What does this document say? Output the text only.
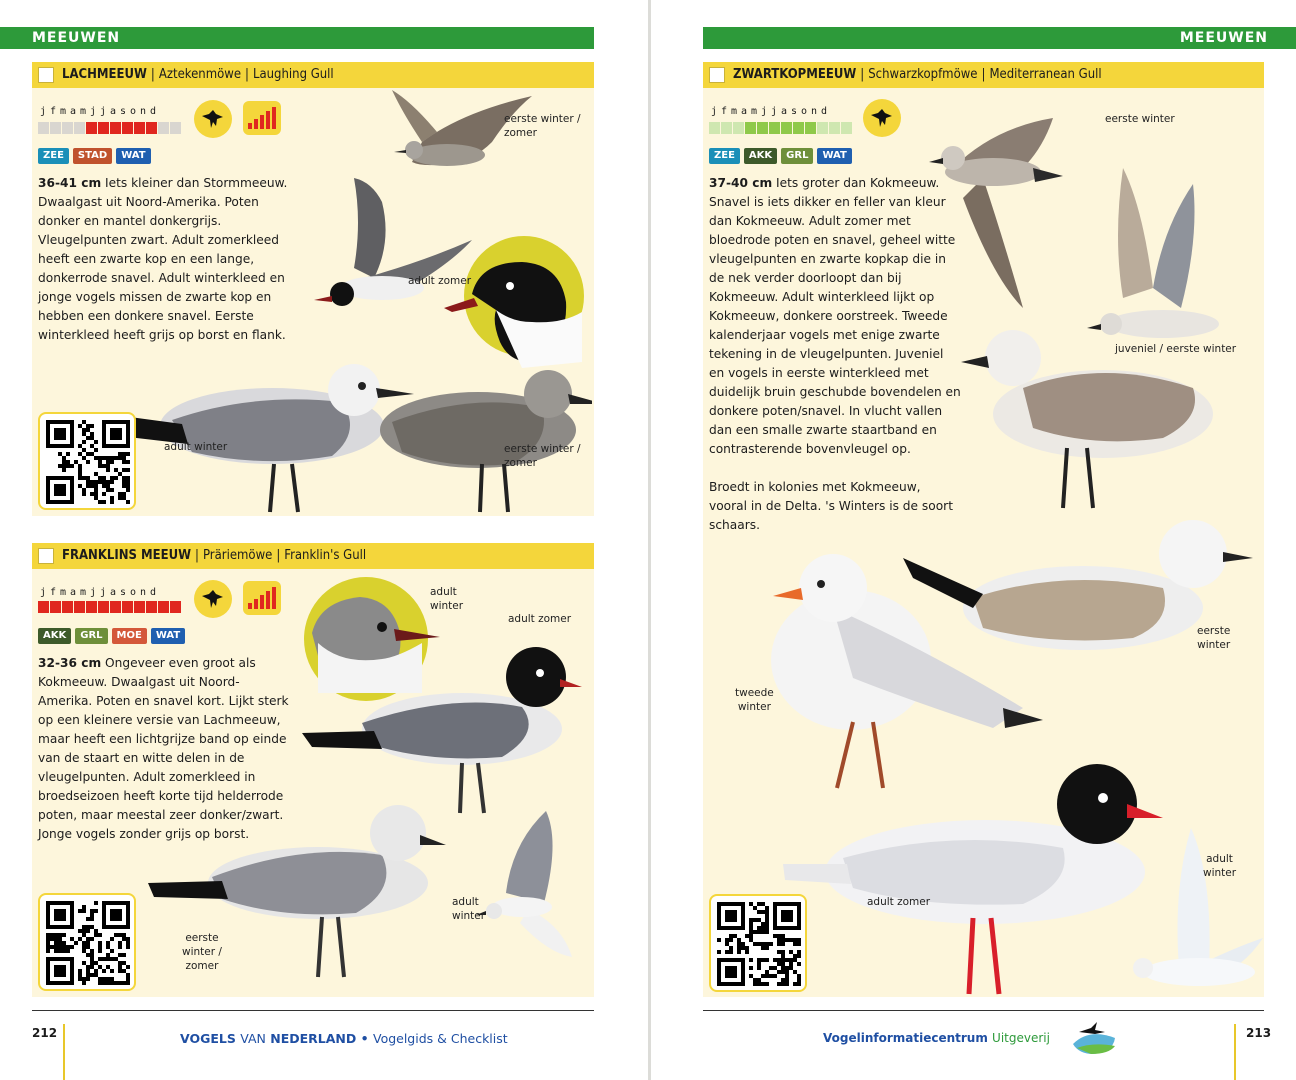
MEEUWEN
LACHMEEUW | Aztekenmöwe | Laughing Gull
j f m a m j j a s o n d
ZEE	STAD	WAT
36-41 cm Iets kleiner dan Stormmeeuw. Dwaalgast uit Noord-Amerika. Poten donker en mantel donkergrijs. Vleugelpunten zwart. Adult zomerkleed heeft een zwarte kop en een lange, donkerrode snavel. Adult winterkleed en jonge vogels missen de zwarte kop en hebben een donkere snavel. Eerste winterkleed heeft grijs op borst en flank.
eerste winter /
zomer
adult zomer
adult winter	eerste winter /
zomer
FRANKLINS MEEUW | Präriemöwe | Franklin's Gull
j f m a m j j a s o n d
AKK	GRL	MOE	WAT
32-36 cm Ongeveer even groot als Kokmeeuw. Dwaalgast uit Noord-Amerika. Poten en snavel kort. Lijkt sterk op een kleinere versie van Lachmeeuw, maar heeft een lichtgrijze band op einde van de staart en witte delen in de vleugelpunten. Adult zomerkleed in broedseizoen heeft korte tijd helderrode poten, maar meestal zeer donker/zwart. Jonge vogels zonder grijs op borst.
adult
winter
adult zomer
adult
winter
eerste
winter /
zomer
212	VOGELS VAN NEDERLAND • Vogelgids & Checklist
MEEUWEN
ZWARTKOPMEEUW | Schwarzkopfmöwe | Mediterranean Gull
j f m a m j j a s o n d
ZEE	AKK	GRL	WAT
37-40 cm Iets groter dan Kokmeeuw. Snavel is iets dikker en feller van kleur dan Kokmeeuw. Adult zomer met bloedrode poten en snavel, geheel witte vleugelpunten en zwarte kopkap die in de nek verder doorloopt dan bij Kokmeeuw. Adult winterkleed lijkt op Kokmeeuw, donkere oorstreek. Tweede kalenderjaar vogels met enige zwarte tekening in de vleugelpunten. Juveniel en vogels in eerste winterkleed met duidelijk bruin geschubde bovendelen en donkere poten/snavel. In vlucht vallen dan een smalle zwarte staartband en contrasterende bovenvleugel op.

Broedt in kolonies met Kokmeeuw, vooral in de Delta. 's Winters is de soort schaars.
eerste winter
juveniel / eerste winter
eerste
winter
tweede
winter
adult zomer
adult
winter
Vogelinformatiecentrum Uitgeverij	213
